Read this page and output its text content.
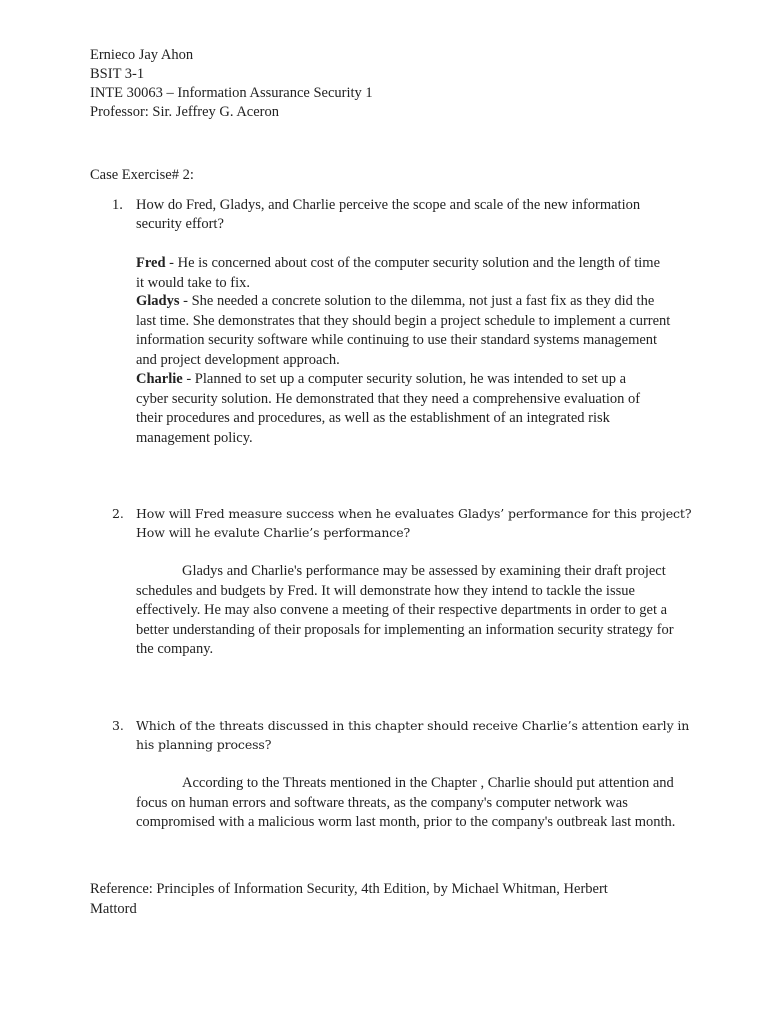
Ernieco Jay Ahon
BSIT 3-1
INTE 30063 – Information Assurance Security 1
Professor: Sir. Jeffrey G. Aceron
Case Exercise# 2:
1. How do Fred, Gladys, and Charlie perceive the scope and scale of the new information
security effort?
Fred - He is concerned about cost of the computer security solution and the length of time it would take to fix.
Gladys - She needed a concrete solution to the dilemma, not just a fast fix as they did the last time. She demonstrates that they should begin a project schedule to implement a current information security software while continuing to use their standard systems management and project development approach.
Charlie - Planned to set up a computer security solution, he was intended to set up a cyber security solution. He demonstrated that they need a comprehensive evaluation of their procedures and procedures, as well as the establishment of an integrated risk management policy.
2. How will Fred measure success when he evaluates Gladys’ performance for this project?
How will he evalute Charlie’s performance?
Gladys and Charlie's performance may be assessed by examining their draft project schedules and budgets by Fred. It will demonstrate how they intend to tackle the issue effectively. He may also convene a meeting of their respective departments in order to get a better understanding of their proposals for implementing an information security strategy for the company.
3. Which of the threats discussed in this chapter should receive Charlie’s attention early in
his planning process?
According to the Threats mentioned in the Chapter , Charlie should put attention and focus on human errors and software threats, as the company's computer network was compromised with a malicious worm last month, prior to the company's outbreak last month.
Reference: Principles of Information Security, 4th Edition, by Michael Whitman, Herbert Mattord
